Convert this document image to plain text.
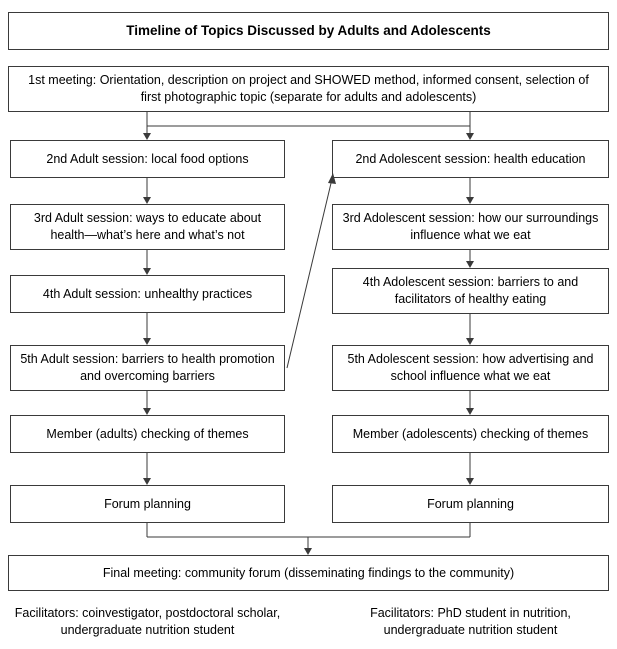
Timeline of Topics Discussed by Adults and Adolescents
1st meeting: Orientation, description on project and SHOWED method, informed consent, selection of first photographic topic (separate for adults and adolescents)
2nd Adult session: local food options
3rd Adult session: ways to educate about health—what’s here and what’s not
4th Adult session: unhealthy practices
5th Adult session: barriers to health promotion and overcoming barriers
Member (adults) checking of themes
Forum planning
2nd Adolescent session: health education
3rd Adolescent session: how our surroundings influence what we eat
4th Adolescent session: barriers to and facilitators of healthy eating
5th Adolescent session: how advertising and school influence what we eat
Member (adolescents) checking of themes
Forum planning
Final meeting: community forum (disseminating findings to the community)
Facilitators: coinvestigator, postdoctoral scholar, undergraduate nutrition student
Facilitators: PhD student in nutrition, undergraduate nutrition student
